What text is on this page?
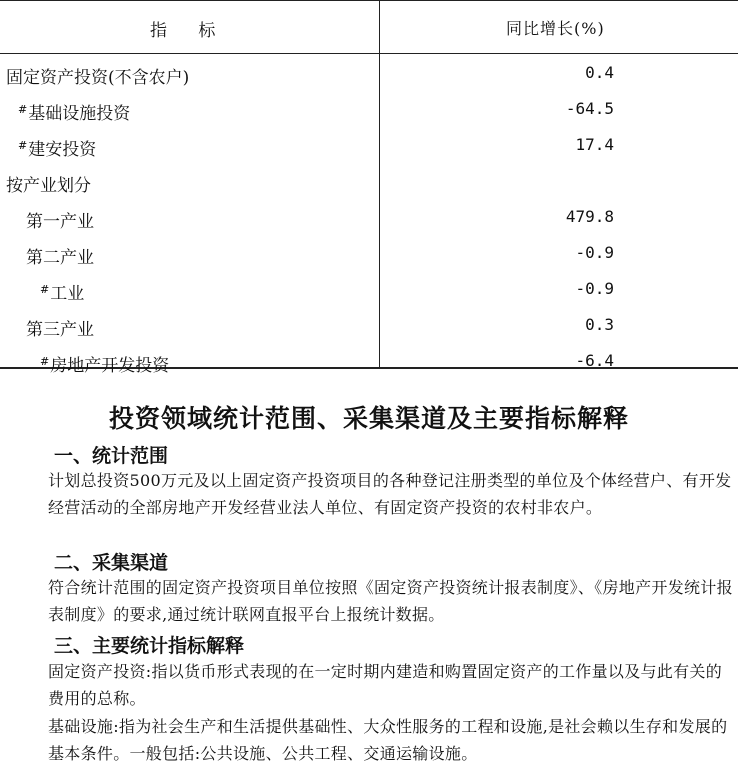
指 标	同比增长(%)
固定资产投资(不含农户)	0.4
#基础设施投资	-64.5
#建安投资	17.4
按产业划分
第一产业	479.8
第二产业	-0.9
#工业	-0.9
第三产业	0.3
#房地产开发投资	-6.4
投资领域统计范围、采集渠道及主要指标解释
一、统计范围
计划总投资500万元及以上固定资产投资项目的各种登记注册类型的单位及个体经营户、有开发经营活动的全部房地产开发经营业法人单位、有固定资产投资的农村非农户。
二、采集渠道
符合统计范围的固定资产投资项目单位按照《固定资产投资统计报表制度》、《房地产开发统计报表制度》的要求,通过统计联网直报平台上报统计数据。
三、主要统计指标解释
固定资产投资:指以货币形式表现的在一定时期内建造和购置固定资产的工作量以及与此有关的费用的总称。
基础设施:指为社会生产和生活提供基础性、大众性服务的工程和设施,是社会赖以生存和发展的基本条件。一般包括:公共设施、公共工程、交通运输设施。
